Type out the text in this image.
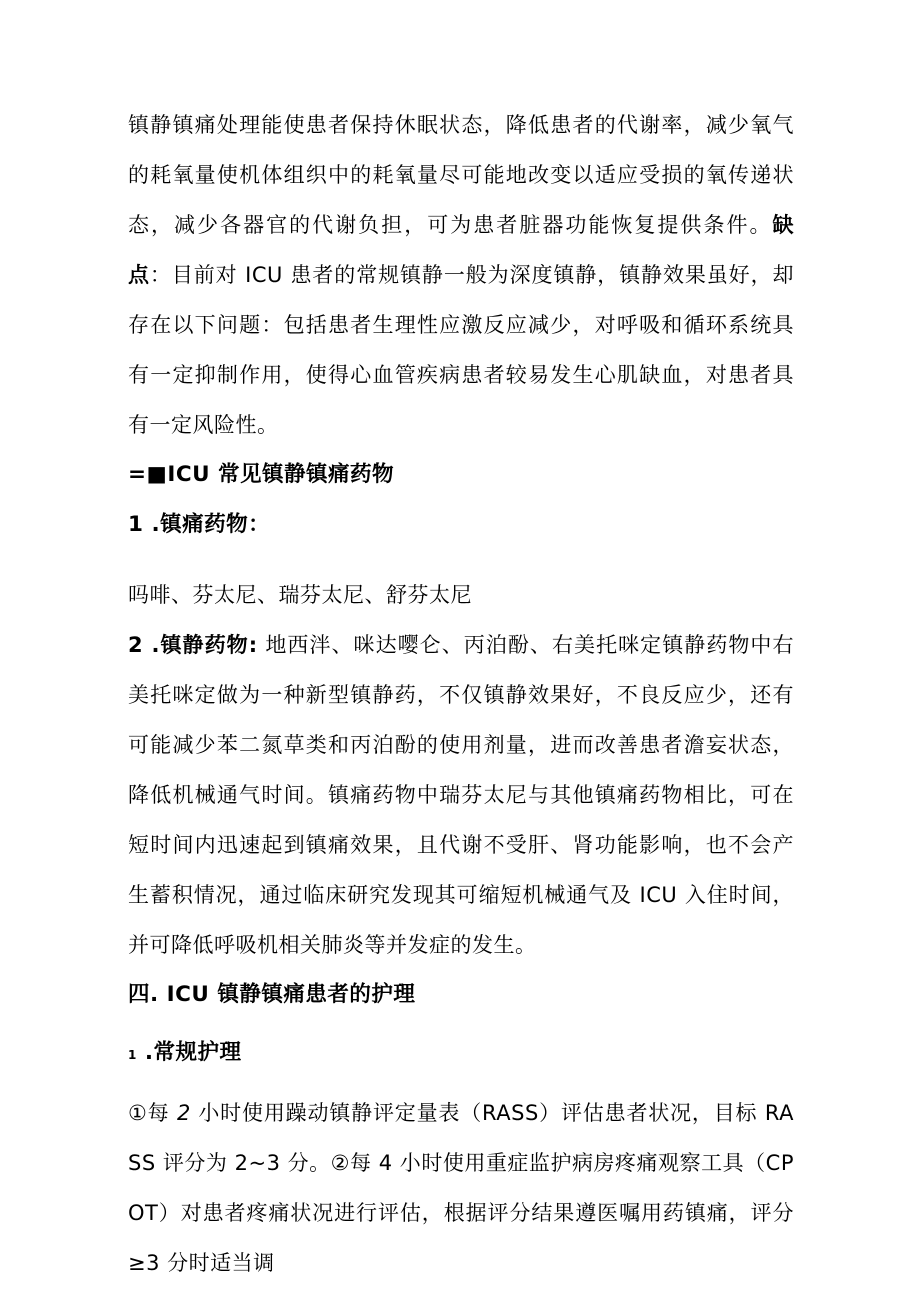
镇静镇痛处理能使患者保持休眠状态，降低患者的代谢率，减少氧气的耗氧量使机体组织中的耗氧量尽可能地改变以适应受损的氧传递状态，减少各器官的代谢负担，可为患者脏器功能恢复提供条件。缺点：目前对 ICU 患者的常规镇静一般为深度镇静，镇静效果虽好，却存在以下问题：包括患者生理性应激反应减少，对呼吸和循环系统具有一定抑制作用，使得心血管疾病患者较易发生心肌缺血，对患者具有一定风险性。

=■ICU 常见镇静镇痛药物
1 .镇痛药物：

吗啡、芬太尼、瑞芬太尼、舒芬太尼

2 .镇静药物: 地西泮、咪达嘤仑、丙泊酚、右美托咪定镇静药物中右美托咪定做为一种新型镇静药，不仅镇静效果好，不良反应少，还有可能减少苯二氮草类和丙泊酚的使用剂量，进而改善患者澹妄状态，降低机械通气时间。镇痛药物中瑞芬太尼与其他镇痛药物相比，可在短时间内迅速起到镇痛效果，且代谢不受肝、肾功能影响，也不会产生蓄积情况，通过临床研究发现其可缩短机械通气及 ICU 入住时间，并可降低呼吸机相关肺炎等并发症的发生。

四. ICU 镇静镇痛患者的护理
1 .常规护理

①每 2 小时使用躁动镇静评定量表（RASS）评估患者状况，目标 RASS 评分为 2~3 分。②每 4 小时使用重症监护病房疼痛观察工具（CPOT）对患者疼痛状况进行评估，根据评分结果遵医嘱用药镇痛，评分≥3 分时适当调
